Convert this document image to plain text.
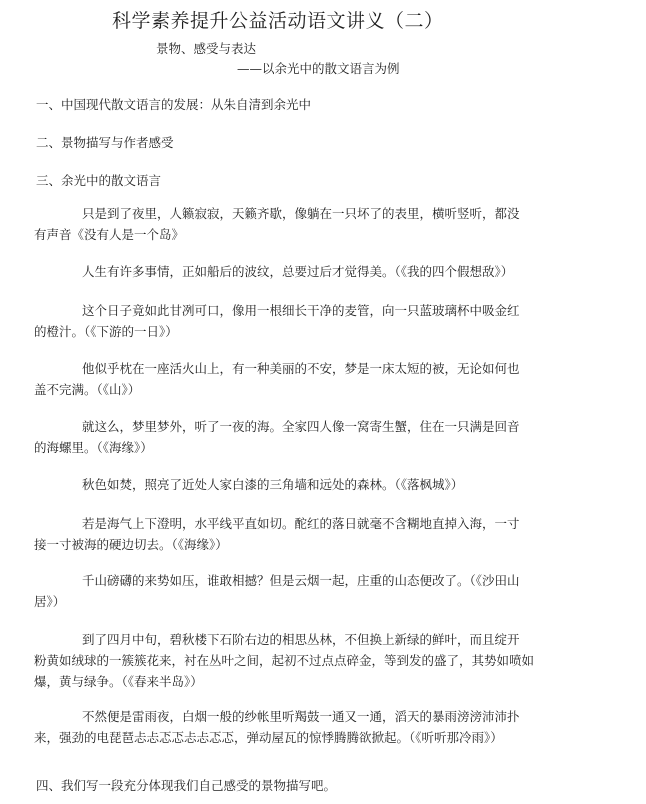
科学素养提升公益活动语文讲义（二）
景物、感受与表达
——以余光中的散文语言为例
一、中国现代散文语言的发展：从朱自清到余光中
二、景物描写与作者感受
三、余光中的散文语言
只是到了夜里，人籁寂寂，天籁齐歇，像躺在一只坏了的表里，横听竖听，都没
有声音《没有人是一个岛》
人生有许多事情，正如船后的波纹，总要过后才觉得美。（《我的四个假想敌》）
这个日子竟如此甘冽可口，像用一根细长干净的麦管，向一只蓝玻璃杯中吸金红
的橙汁。（《下游的一日》）
他似乎枕在一座活火山上，有一种美丽的不安，梦是一床太短的被，无论如何也
盖不完满。（《山》）
就这么，梦里梦外，听了一夜的海。全家四人像一窝寄生蟹，住在一只满是回音
的海螺里。（《海缘》）
秋色如焚，照亮了近处人家白漆的三角墙和远处的森林。（《落枫城》）
若是海气上下澄明，水平线平直如切。酡红的落日就毫不含糊地直掉入海，一寸
接一寸被海的硬边切去。（《海缘》）
千山磅礴的来势如压，谁敢相撼？但是云烟一起，庄重的山态便改了。（《沙田山
居》）
到了四月中旬，碧秋楼下石阶右边的相思丛林，不但换上新绿的鲜叶，而且绽开
粉黄如绒球的一簇簇花来，衬在丛叶之间，起初不过点点碎金，等到发的盛了，其势如喷如
爆，黄与绿争。（《春来半岛》）
不然便是雷雨夜，白烟一般的纱帐里听羯鼓一通又一通，滔天的暴雨滂滂沛沛扑
来，强劲的电琵琶忐忐忑忑忐忐忑忑，弹动屋瓦的惊悸腾腾欲掀起。（《听听那冷雨》）
四、我们写一段充分体现我们自己感受的景物描写吧。
